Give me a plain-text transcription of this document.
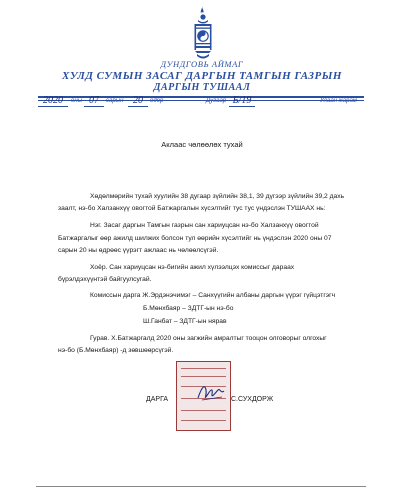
ДУНДГОВЬ АЙМАГ
ХУЛД СУМЫН ЗАСАГ ДАРГЫН ТАМГЫН ГАЗРЫН
ДАРГЫН ТУШААЛ
2020	оны 07	сарын 20	өдөр	Дугаар Б/19	Улаан жарам
Аклаас чөлөөлөх тухай
Хөдөлмөрийн тухай хуулийн 38 дугаар зүйлийн 38,1, 39 дүгээр зүйлийн 39,2 дахь
заалт, нэ-бо Халзанхүү овогтой Батжаргалын хүсэлтийг тус тус үндэслэн ТУШААХ нь:
Нэг. Засаг даргын Тамгын газрын сан хариуцсан нэ-бо Халзанхүү овогтой
Батжаргалыг өөр ажилд шилжих болсон тул өөрийн хүсэлтийг нь үндэслэн 2020 оны 07
сарын 20 ны өдрөөс үүрэгт ажлаас нь чөлөөлсүгэй.
Хоёр. Сан хариуцсан нэ-бигийн ажил хүлээлцэх комиссыг дараах
бүрэлдэхүүнтэй байгуулсугай.
Комиссын дарга Ж.Эрдэнэчимэг – Санхүүгийн албаны даргын үүрэг гүйцэтгэгч
Б.Мөнхбаяр – ЗДТГ-ын нэ-бо
Ш.Ганбат – ЗДТГ-ын нярав
Гурав. Х.Батжаргалд 2020 оны загжийн амралтыг тооцон олговорыг олгохыг
нэ-бо (Б.Мөнхбаяр) -д зөвшөөрсүгэй.
ДАРГА	С.СУХДОРЖ
